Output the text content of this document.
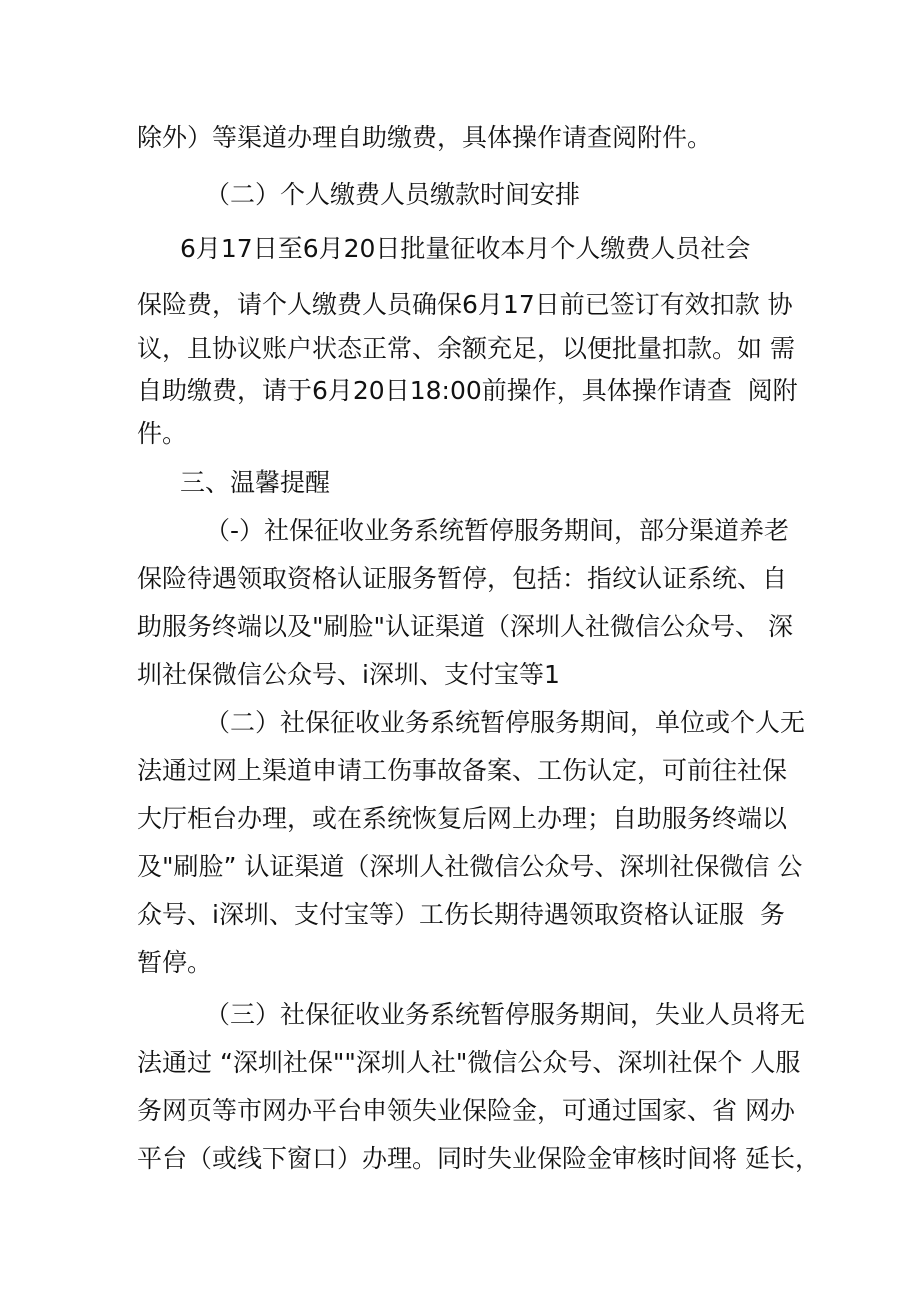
除外）等渠道办理自助缴费，具体操作请查阅附件。
（二）个人缴费人员缴款时间安排
6月17日至6月20日批量征收本月个人缴费人员社会
保险费，请个人缴费人员确保6月17日前已签订有效扣款 协
议，且协议账户状态正常、余额充足，以便批量扣款。如 需
自助缴费，请于6月20日18:00前操作，具体操作请查  阅附
件。
三、温馨提醒
（-）社保征收业务系统暂停服务期间，部分渠道养老
保险待遇领取资格认证服务暂停，包括：指纹认证系统、自
助服务终端以及"刷脸"认证渠道（深圳人社微信公众号、 深
圳社保微信公众号、i深圳、支付宝等1
（二）社保征收业务系统暂停服务期间，单位或个人无
法通过网上渠道申请工伤事故备案、工伤认定，可前往社保
大厅柜台办理，或在系统恢复后网上办理；自助服务终端以
及"刷脸” 认证渠道（深圳人社微信公众号、深圳社保微信 公
众号、i深圳、支付宝等）工伤长期待遇领取资格认证服  务
暂停。
（三）社保征收业务系统暂停服务期间，失业人员将无
法通过 “深圳社保""深圳人社"微信公众号、深圳社保个 人服
务网页等市网办平台申领失业保险金，可通过国家、省 网办
平台（或线下窗口）办理。同时失业保险金审核时间将 延长，
